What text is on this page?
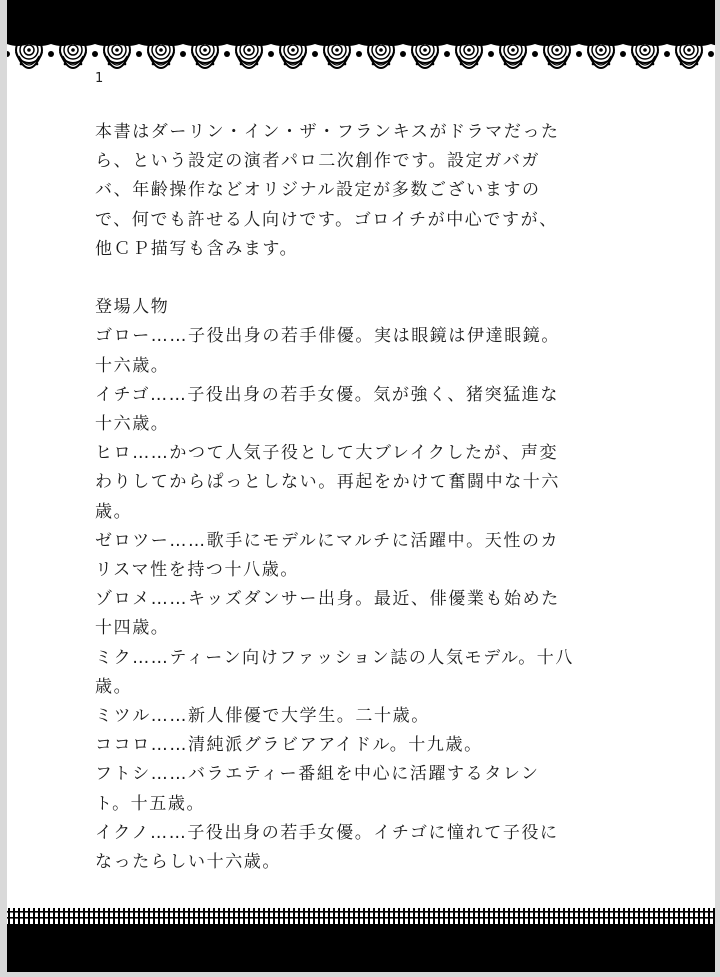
1

本書はダーリン・イン・ザ・フランキスがドラマだったら、という設定の演者パロ二次創作です。設定ガバガバ、年齢操作などオリジナル設定が多数ございますので、何でも許せる人向けです。ゴロイチが中心ですが、他ＣＰ描写も含みます。

登場人物

ゴロー……子役出身の若手俳優。実は眼鏡は伊達眼鏡。十六歳。

イチゴ……子役出身の若手女優。気が強く、猪突猛進な十六歳。

ヒロ……かつて人気子役として大ブレイクしたが、声変わりしてからぱっとしない。再起をかけて奮闘中な十六歳。

ゼロツー……歌手にモデルにマルチに活躍中。天性のカリスマ性を持つ十八歳。

ゾロメ……キッズダンサー出身。最近、俳優業も始めた十四歳。

ミク……ティーン向けファッション誌の人気モデル。十八歳。

ミツル……新人俳優で大学生。二十歳。

ココロ……清純派グラビアアイドル。十九歳。

フトシ……バラエティー番組を中心に活躍するタレント。十五歳。

イクノ……子役出身の若手女優。イチゴに憧れて子役になったらしい十六歳。
